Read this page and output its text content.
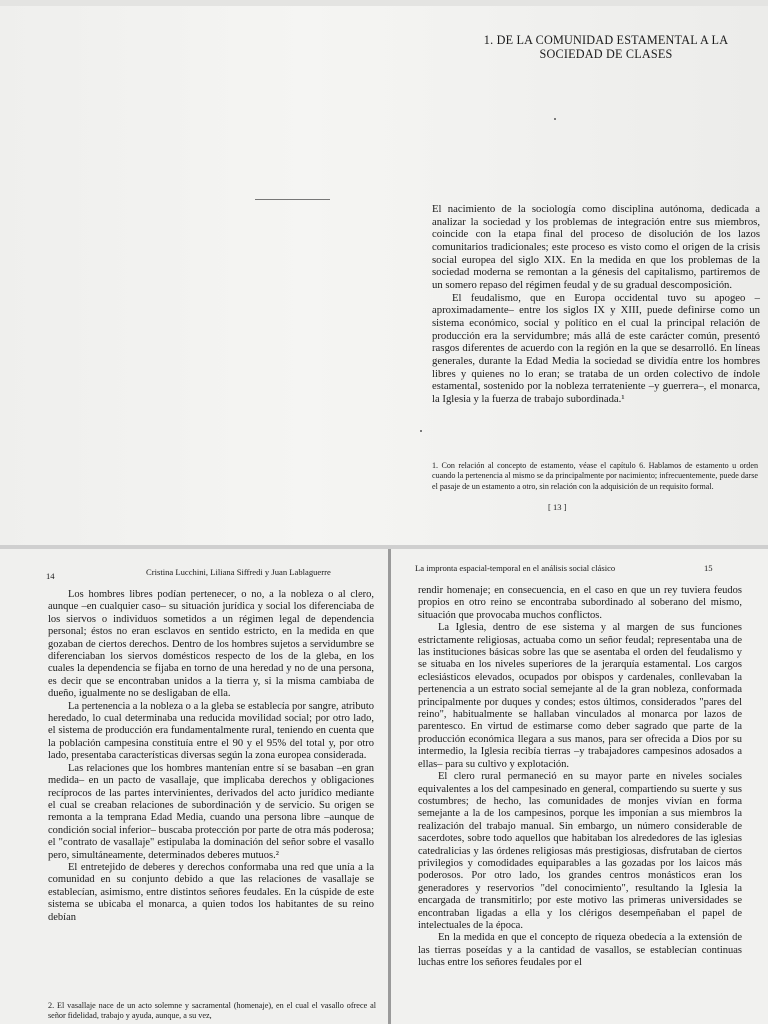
1. DE LA COMUNIDAD ESTAMENTAL A LA
SOCIEDAD DE CLASES

El nacimiento de la sociología como disciplina autónoma, dedicada a analizar la sociedad y los problemas de integración entre sus miembros, coincide con la etapa final del proceso de disolución de los lazos comunitarios tradicionales; este proceso es visto como el origen de la crisis social europea del siglo XIX. En la medida en que los problemas de la sociedad moderna se remontan a la génesis del capitalismo, partiremos de un somero repaso del régimen feudal y de su gradual descomposición.

El feudalismo, que en Europa occidental tuvo su apogeo –aproximadamente– entre los siglos IX y XIII, puede definirse como un sistema económico, social y político en el cual la principal relación de producción era la servidumbre; más allá de este carácter común, presentó rasgos diferentes de acuerdo con la región en la que se desarrolló. En líneas generales, durante la Edad Media la sociedad se dividía entre los hombres libres y quienes no lo eran; se trataba de un orden colectivo de índole estamental, sostenido por la nobleza terrateniente –y guerrera–, el monarca, la Iglesia y la fuerza de trabajo subordinada.¹

1. Con relación al concepto de estamento, véase el capítulo 6. Hablamos de estamento u orden cuando la pertenencia al mismo se da principalmente por nacimiento; infrecuentemente, puede darse el pasaje de un estamento a otro, sin relación con la adquisición de un requisito formal.

[ 13 ]
14	Cristina Lucchini, Liliana Siffredi y Juan Lablaguerre

Los hombres libres podían pertenecer, o no, a la nobleza o al clero, aunque –en cualquier caso– su situación jurídica y social los diferenciaba de los siervos o individuos sometidos a un régimen legal de dependencia personal; éstos no eran esclavos en sentido estricto, en la medida en que gozaban de ciertos derechos. Dentro de los hombres sujetos a servidumbre se diferenciaban los siervos domésticos respecto de los de la gleba, en los cuales la dependencia se fijaba en torno de una heredad y no de una persona, es decir que se encontraban unidos a la tierra y, si la misma cambiaba de dueño, igualmente no se desligaban de ella.

La pertenencia a la nobleza o a la gleba se establecía por sangre, atributo heredado, lo cual determinaba una reducida movilidad social; por otro lado, el sistema de producción era fundamentalmente rural, teniendo en cuenta que la población campesina constituía entre el 90 y el 95% del total y, por otro lado, presentaba características diversas según la zona europea considerada.

Las relaciones que los hombres mantenían entre sí se basaban –en gran medida– en un pacto de vasallaje, que implicaba derechos y obligaciones recíprocos de las partes intervinientes, derivados del acto jurídico mediante el cual se creaban relaciones de subordinación y de servicio. Su origen se remonta a la temprana Edad Media, cuando una persona libre –aunque de condición social inferior– buscaba protección por parte de otra más poderosa; el "contrato de vasallaje" estipulaba la dominación del señor sobre el vasallo pero, simultáneamente, determinados deberes mutuos.²

El entretejido de deberes y derechos conformaba una red que unía a la comunidad en su conjunto debido a que las relaciones de vasallaje se establecían, asimismo, entre distintos señores feudales. En la cúspide de este sistema se ubicaba el monarca, a quien todos los habitantes de su reino debían

2. El vasallaje nace de un acto solemne y sacramental (homenaje), en el cual el vasallo ofrece al señor fidelidad, trabajo y ayuda, aunque, a su vez,

La impronta espacial-temporal en el análisis social clásico	15

rendir homenaje; en consecuencia, en el caso en que un rey tuviera feudos propios en otro reino se encontraba subordinado al soberano del mismo, situación que provocaba muchos conflictos.

La Iglesia, dentro de ese sistema y al margen de sus funciones estrictamente religiosas, actuaba como un señor feudal; representaba una de las instituciones básicas sobre las que se asentaba el orden del feudalismo y se situaba en los niveles superiores de la jerarquía estamental. Los cargos eclesiásticos elevados, ocupados por obispos y cardenales, conllevaban la pertenencia a un estrato social semejante al de la gran nobleza, conformada principalmente por duques y condes; estos últimos, considerados "pares del reino", habitualmente se hallaban vinculados al monarca por lazos de parentesco. En virtud de estimarse como deber sagrado que parte de la producción económica llegara a sus manos, para ser ofrecida a Dios por su intermedio, la Iglesia recibía tierras –y trabajadores campesinos adosados a ellas– para su cultivo y explotación.

El clero rural permaneció en su mayor parte en niveles sociales equivalentes a los del campesinado en general, compartiendo su suerte y sus costumbres; de hecho, las comunidades de monjes vivían en forma semejante a la de los campesinos, porque les imponían a sus miembros la realización del trabajo manual. Sin embargo, un número considerable de sacerdotes, sobre todo aquellos que habitaban los alrededores de las iglesias catedralicias y las órdenes religiosas más prestigiosas, disfrutaban de ciertos privilegios y comodidades equiparables a las gozadas por los laicos más poderosos. Por otro lado, los grandes centros monásticos eran los generadores y reservorios "del conocimiento", resultando la Iglesia la encargada de transmitirlo; por este motivo las primeras universidades se encontraban ligadas a ella y los clérigos desempeñaban el papel de intelectuales de la época.

En la medida en que el concepto de riqueza obedecía a la extensión de las tierras poseídas y a la cantidad de vasallos, se establecían continuas luchas entre los señores feudales por el
